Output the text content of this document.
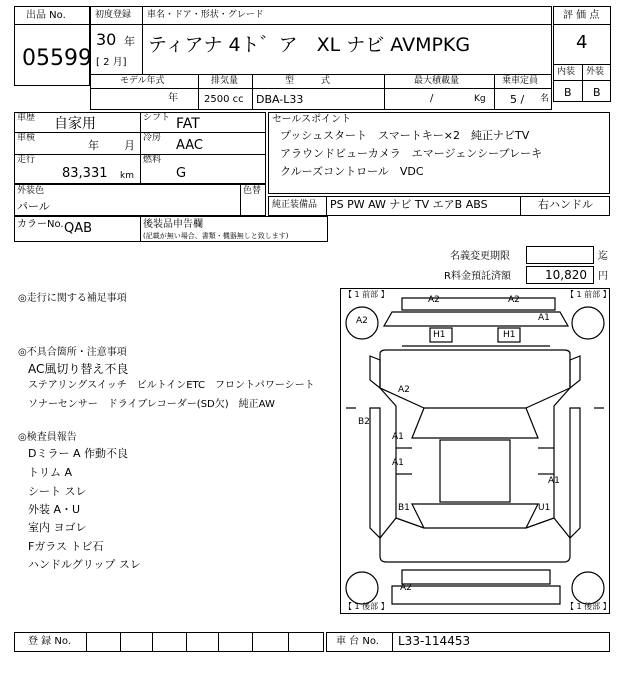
出品 No.
05599
初度登録
30 年
[ 2 月]
車名・ドア・形状・グレード
ティアナ 4ト゛ア　XL ナビ AVMPKG
モデル年式
年
排気量
2500 cc
型　　　式
DBA-L33
最大積載量
/	Kg
乗車定員
5 / 名
評 価 点
4
内装 外装
B B
車歴 自家用
車検
年 月
走行
83,331 km
シフト FAT
冷房 AAC
燃料
G
外装色
パール
色替
カラーNo. QAB	後装品申告欄
(記載が無い場合、書類・機器無しと致します)
セールスポイント
プッシュスタート　スマートキー×2　純正ナビTV
アラウンドビューカメラ　エマージェンシーブレーキ
クルーズコントロール　VDC
純正装備品 PS PW AW ナビ TV エアB ABS	右ハンドル
名義変更期限	迄
R料金預託済額	10,820 円
◎走行に関する補足事項
◎不具合箇所・注意事項
AC風切り替え不良
ステアリングスイッチ　ビルトインETC　フロントパワーシート
ソナーセンサー　ドライブレコーダー(SD欠)　純正AW
◎検査員報告
Dミラー A 作動不良
トリム A
シート スレ
外装 A・U
室内 ヨゴレ
Fガラス トビ石
ハンドルグリップ スレ
【 1 前部 】	【 1 前部 】
【 1 後部 】	【 1 後部 】
A2	A2
A1
A2
H1	H1
A2
B2
A1
A1
A1
B1	U1
A2
登 録 No.	車 台 No. L33-114453
